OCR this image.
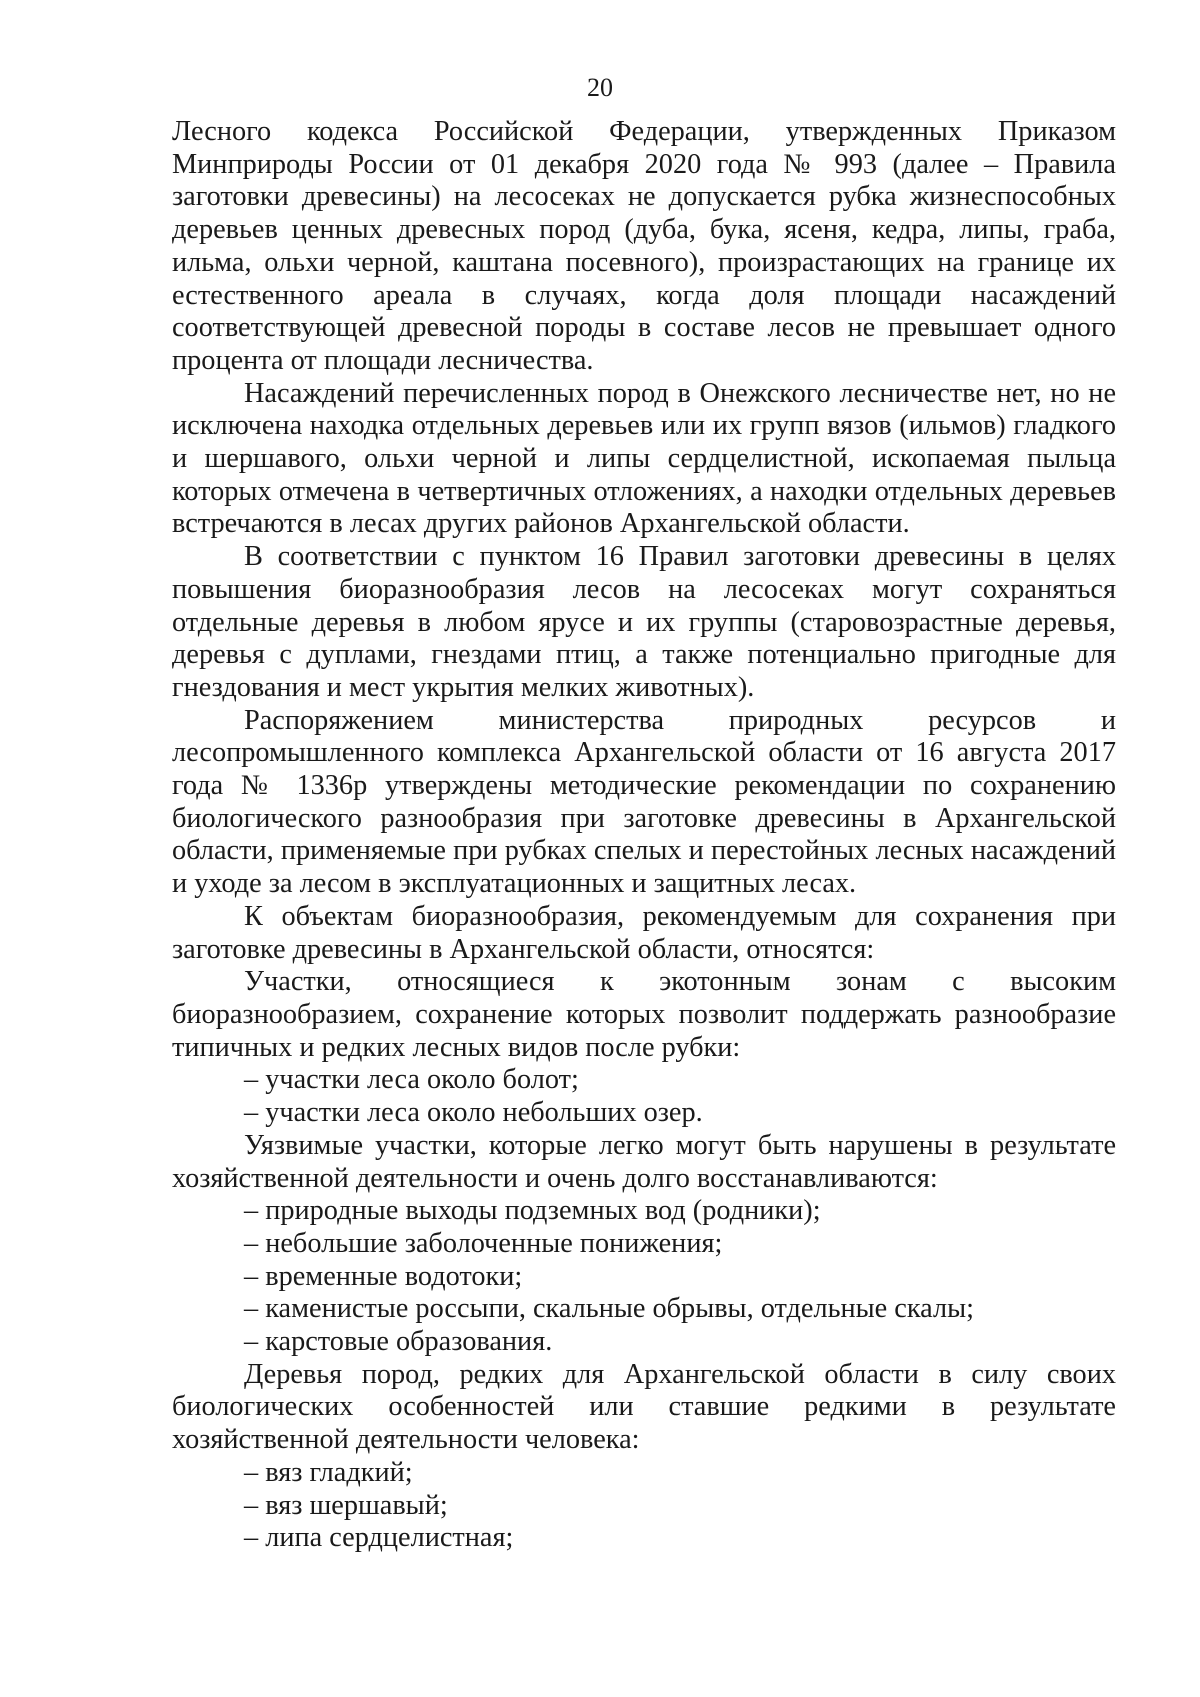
20

Лесного кодекса Российской Федерации, утвержденных Приказом Минприроды России от 01 декабря 2020 года № 993 (далее – Правила заготовки древесины) на лесосеках не допускается рубка жизнеспособных деревьев ценных древесных пород (дуба, бука, ясеня, кедра, липы, граба, ильма, ольхи черной, каштана посевного), произрастающих на границе их естественного ареала в случаях, когда доля площади насаждений соответствующей древесной породы в составе лесов не превышает одного процента от площади лесничества.

Насаждений перечисленных пород в Онежского лесничестве нет, но не исключена находка отдельных деревьев или их групп вязов (ильмов) гладкого и шершавого, ольхи черной и липы сердцелистной, ископаемая пыльца которых отмечена в четвертичных отложениях, а находки отдельных деревьев встречаются в лесах других районов Архангельской области.

В соответствии с пунктом 16 Правил заготовки древесины в целях повышения биоразнообразия лесов на лесосеках могут сохраняться отдельные деревья в любом ярусе и их группы (старовозрастные деревья, деревья с дуплами, гнездами птиц, а также потенциально пригодные для гнездования и мест укрытия мелких животных).

Распоряжением министерства природных ресурсов и лесопромышленного комплекса Архангельской области от 16 августа 2017 года № 1336р утверждены методические рекомендации по сохранению биологического разнообразия при заготовке древесины в Архангельской области, применяемые при рубках спелых и перестойных лесных насаждений и уходе за лесом в эксплуатационных и защитных лесах.

К объектам биоразнообразия, рекомендуемым для сохранения при заготовке древесины в Архангельской области, относятся:

Участки, относящиеся к экотонным зонам с высоким биоразнообразием, сохранение которых позволит поддержать разнообразие типичных и редких лесных видов после рубки:

– участки леса около болот;

– участки леса около небольших озер.

Уязвимые участки, которые легко могут быть нарушены в результате хозяйственной деятельности и очень долго восстанавливаются:

– природные выходы подземных вод (родники);

– небольшие заболоченные понижения;

– временные водотоки;

– каменистые россыпи, скальные обрывы, отдельные скалы;

– карстовые образования.

Деревья пород, редких для Архангельской области в силу своих биологических особенностей или ставшие редкими в результате хозяйственной деятельности человека:

– вяз гладкий;

– вяз шершавый;

– липа сердцелистная;
